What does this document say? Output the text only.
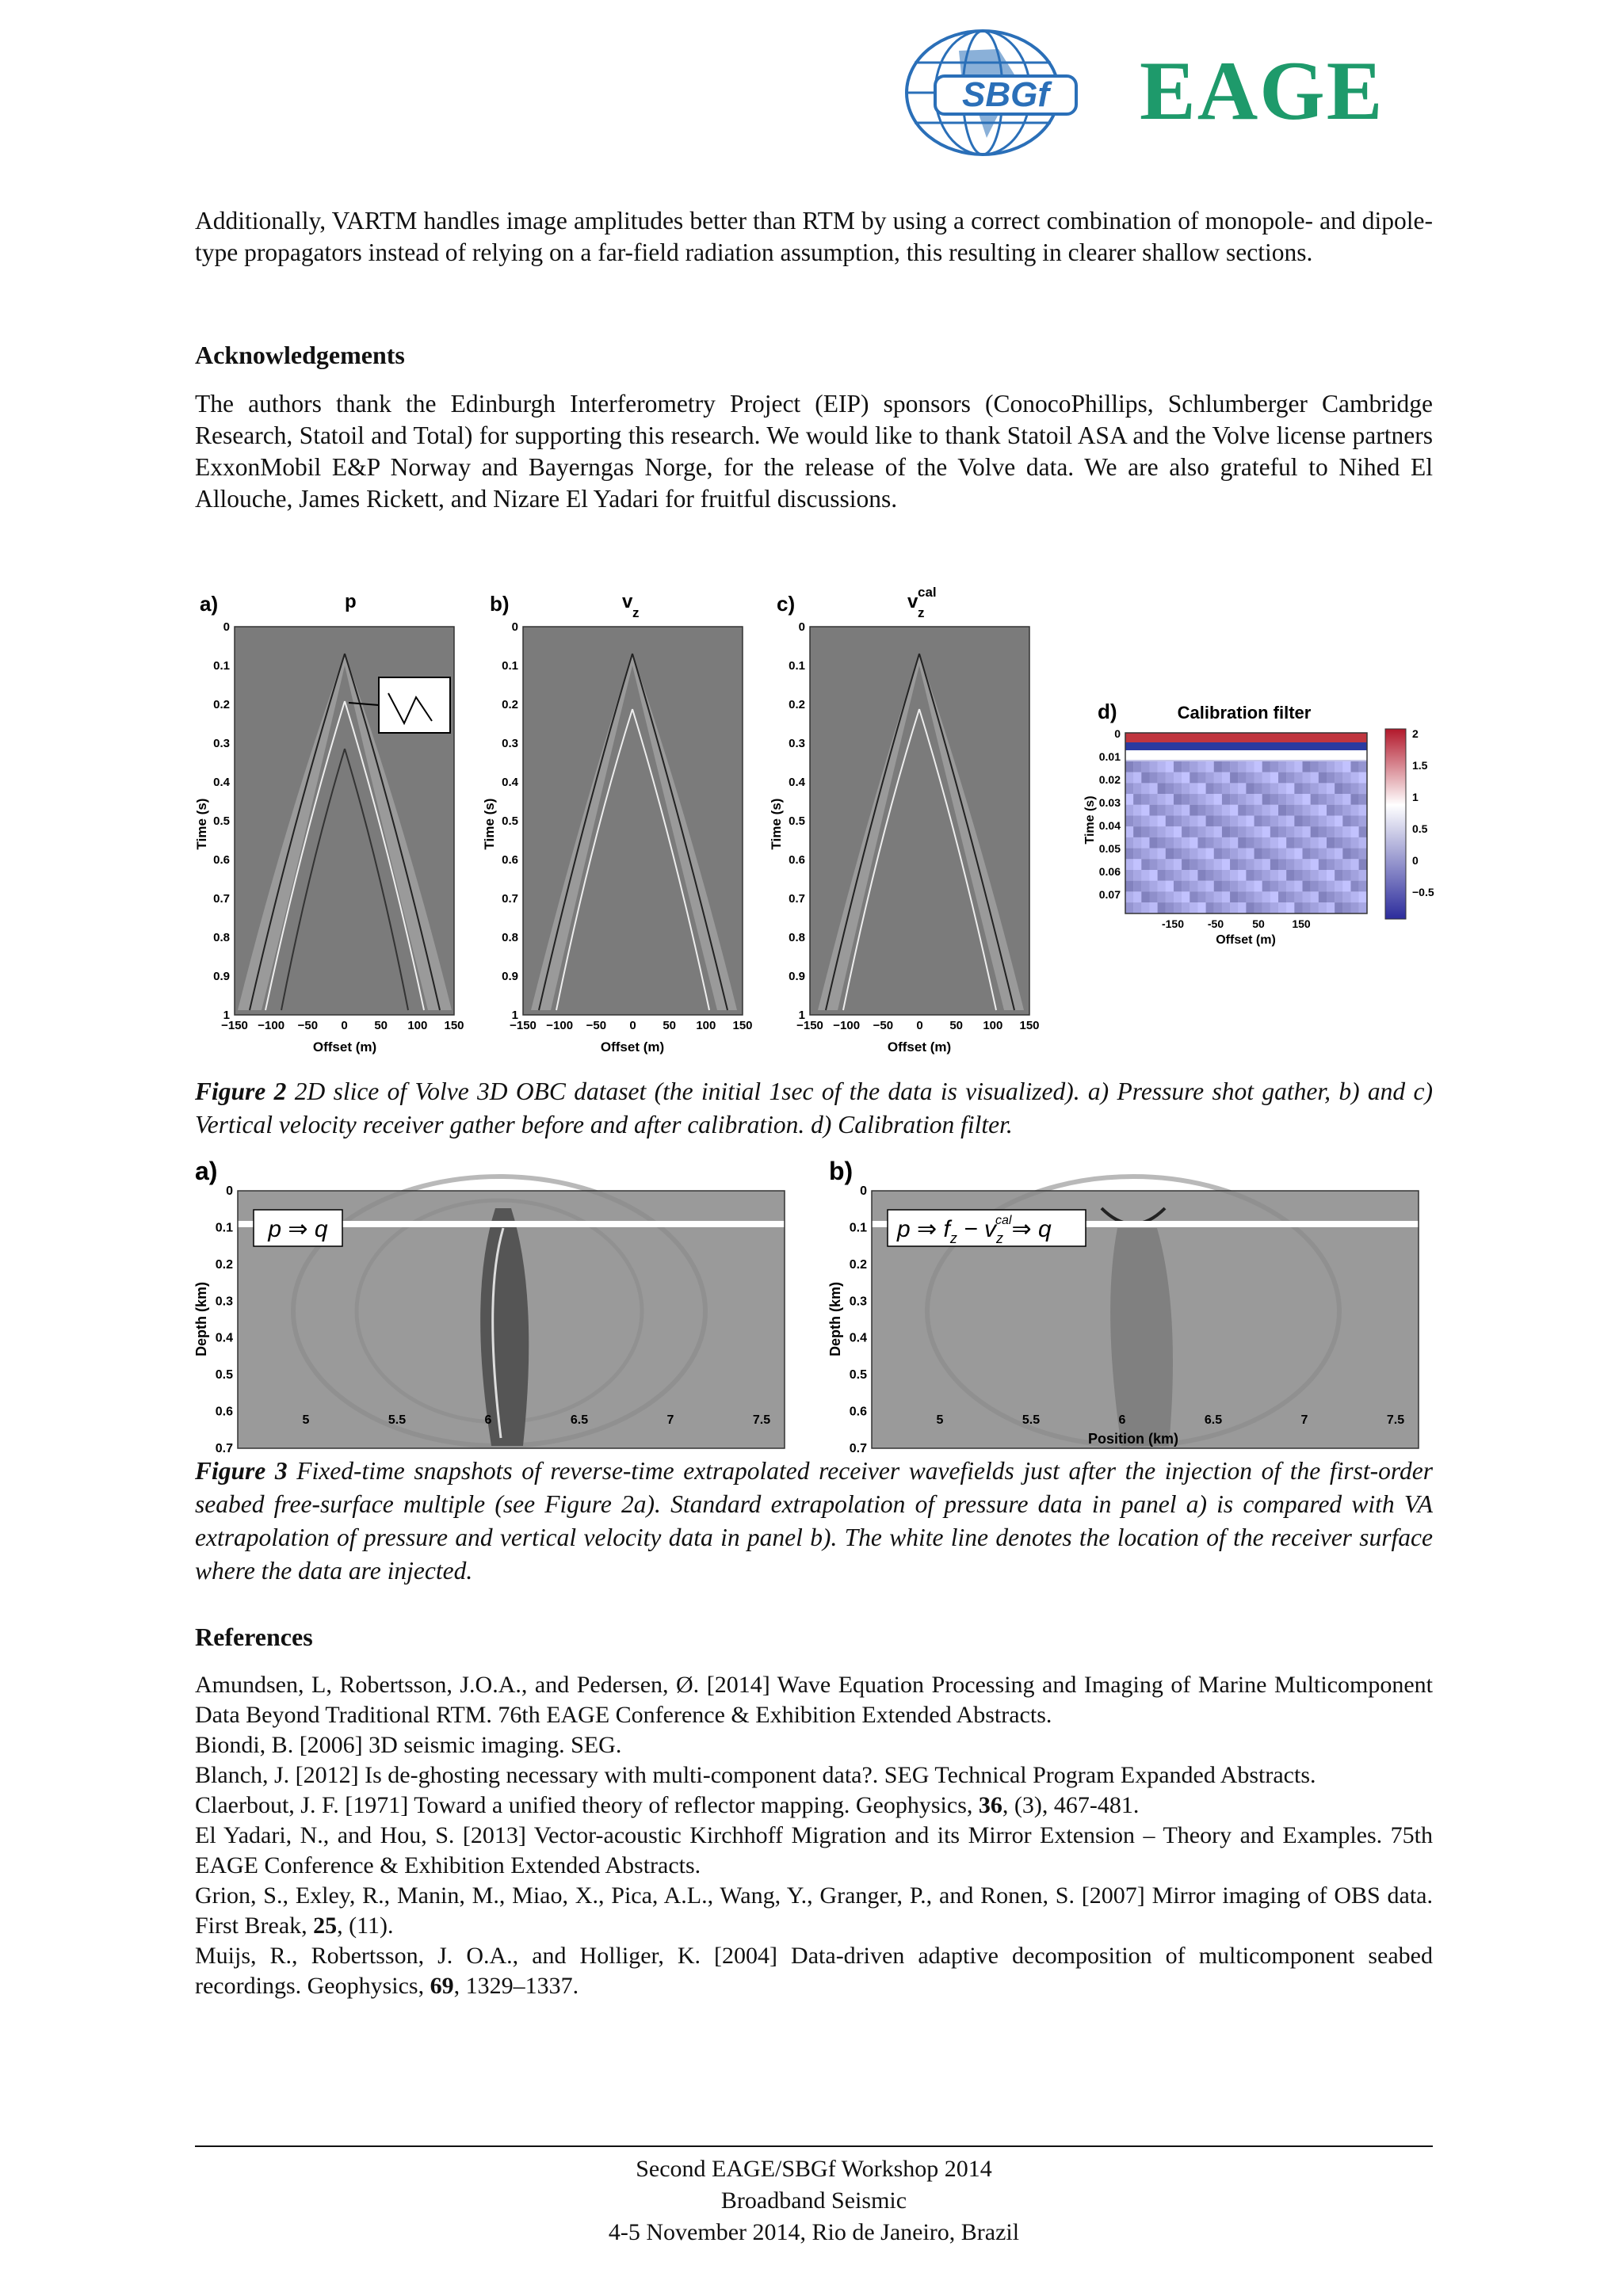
SBGf EAGE
Additionally, VARTM handles image amplitudes better than RTM by using a correct combination of monopole- and dipole-type propagators instead of relying on a far-field radiation assumption, this resulting in clearer shallow sections.
Acknowledgements
The authors thank the Edinburgh Interferometry Project (EIP) sponsors (ConocoPhillips, Schlumberger Cambridge Research, Statoil and Total) for supporting this research. We would like to thank Statoil ASA and the Volve license partners ExxonMobil E&P Norway and Bayerngas Norge, for the release of the Volve data. We are also grateful to Nihed El Allouche, James Rickett, and Nizare El Yadari for fruitful discussions.
a)	p	b)	v
z	c)	v
z
cal
0
0.1
0.2
0.3
0.4
0.5
0.6
0.7
0.8
0.9
1
0
0.1
0.2
0.3
0.4
0.5
0.6
0.7
0.8
0.9
1
0
0.1
0.2
0.3
0.4
0.5
0.6
0.7
0.8
0.9
1
−150 −100 −50 0 50 100 150	−150 −100 −50 0 50 100 150	−150 −100 −50 0 50 100 150
Time (s)	Time (s)	Time (s)
Offset (m)	Offset (m)	Offset (m)
d)	Calibration filter
0
0.01
0.02
0.03
0.04
0.05
0.06
0.07
-150 -50	50 150
2
1.5
1
0.5
0
−0.5
Time (s)
Offset (m)
Figure 2 2D slice of Volve 3D OBC dataset (the initial 1sec of the data is visualized). a) Pressure shot gather, b) and c) Vertical velocity receiver gather before and after calibration. d) Calibration filter.
a)
p ⇒ q
b)
p ⇒ $f_z$ − $v_zcal\Rightarrow$ q
0
0.1
0.2
0.3
0.4
0.5
0.6
0.7
0
0.1
0.2
0.3
0.4
0.5
0.6
0.7
5	5.5	6	6.5	7	7.5	5	5.5	6	6.5	7	7.5
Depth (km)	Depth (km)
Position (km)
Figure 3 Fixed-time snapshots of reverse-time extrapolated receiver wavefields just after the injection of the first-order seabed free-surface multiple (see Figure 2a). Standard extrapolation of pressure data in panel a) is compared with VA extrapolation of pressure and vertical velocity data in panel b). The white line denotes the location of the receiver surface where the data are injected.
References

Amundsen, L, Robertsson, J.O.A., and Pedersen, Ø. [2014] Wave Equation Processing and Imaging of Marine Multicomponent Data Beyond Traditional RTM. 76th EAGE Conference & Exhibition Extended Abstracts.

Biondi, B. [2006] 3D seismic imaging. SEG.

Blanch, J. [2012] Is de-ghosting necessary with multi-component data?. SEG Technical Program Expanded Abstracts.

Claerbout, J. F. [1971] Toward a unified theory of reflector mapping. Geophysics, 36, (3), 467-481.

El Yadari, N., and Hou, S. [2013] Vector-acoustic Kirchhoff Migration and its Mirror Extension – Theory and Examples. 75th EAGE Conference & Exhibition Extended Abstracts.

Grion, S., Exley, R., Manin, M., Miao, X., Pica, A.L., Wang, Y., Granger, P., and Ronen, S. [2007] Mirror imaging of OBS data. First Break, 25, (11).

Muijs, R., Robertsson, J. O.A., and Holliger, K. [2004] Data-driven adaptive decomposition of multicomponent seabed recordings. Geophysics, 69, 1329–1337.

Second EAGE/SBGf Workshop 2014
Broadband Seismic
4-5 November 2014, Rio de Janeiro, Brazil
